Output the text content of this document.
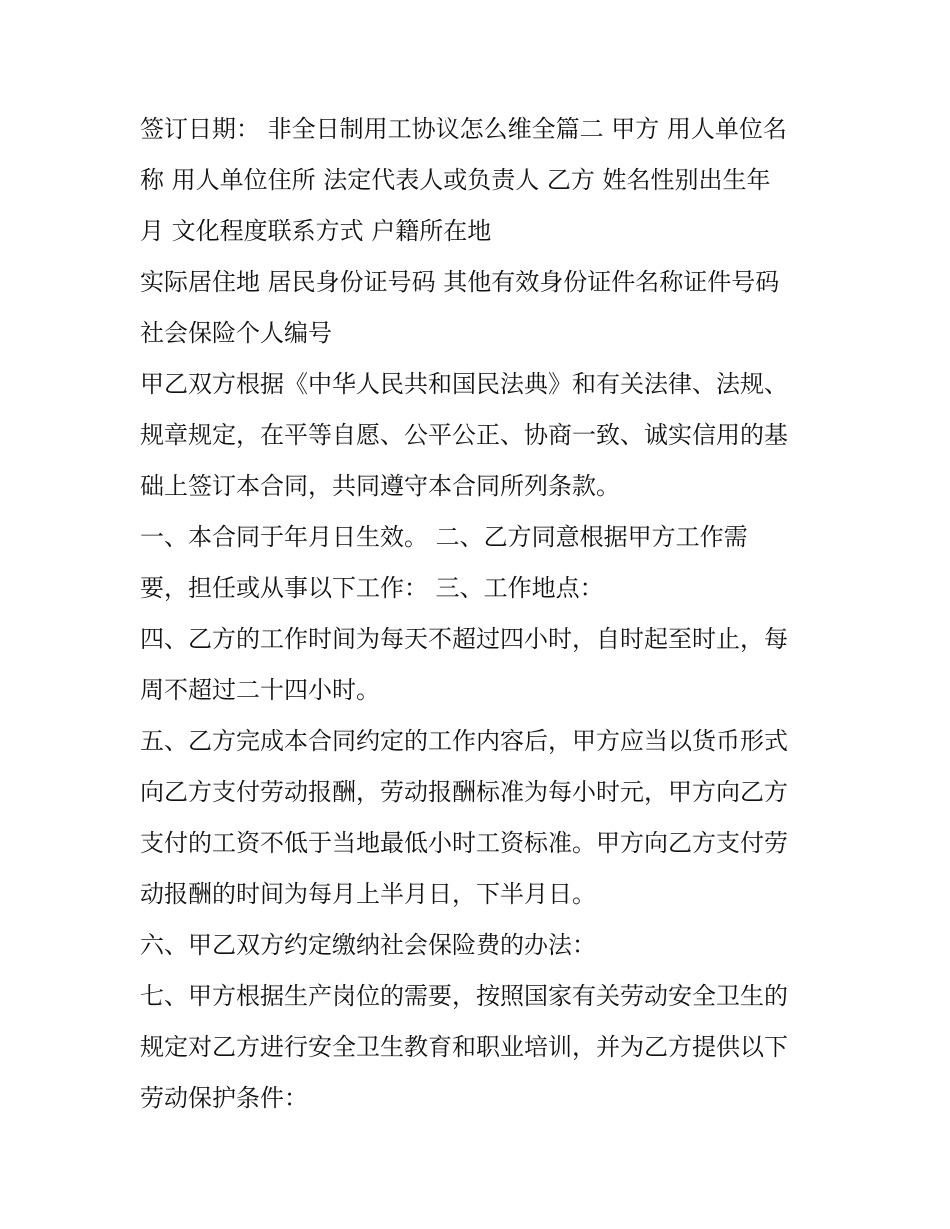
签订日期： 非全日制用工协议怎么维全篇二 甲方 用人单位名
称 用人单位住所 法定代表人或负责人 乙方 姓名性别出生年
月 文化程度联系方式 户籍所在地
实际居住地 居民身份证号码 其他有效身份证件名称证件号码
社会保险个人编号
甲乙双方根据《中华人民共和国民法典》和有关法律、法规、
规章规定，在平等自愿、公平公正、协商一致、诚实信用的基
础上签订本合同，共同遵守本合同所列条款。
一、本合同于年月日生效。 二、乙方同意根据甲方工作需
要，担任或从事以下工作： 三、工作地点：
四、乙方的工作时间为每天不超过四小时，自时起至时止，每
周不超过二十四小时。
五、乙方完成本合同约定的工作内容后，甲方应当以货币形式
向乙方支付劳动报酬，劳动报酬标准为每小时元，甲方向乙方
支付的工资不低于当地最低小时工资标准。甲方向乙方支付劳
动报酬的时间为每月上半月日，下半月日。
六、甲乙双方约定缴纳社会保险费的办法：
七、甲方根据生产岗位的需要，按照国家有关劳动安全卫生的
规定对乙方进行安全卫生教育和职业培训，并为乙方提供以下
劳动保护条件：
